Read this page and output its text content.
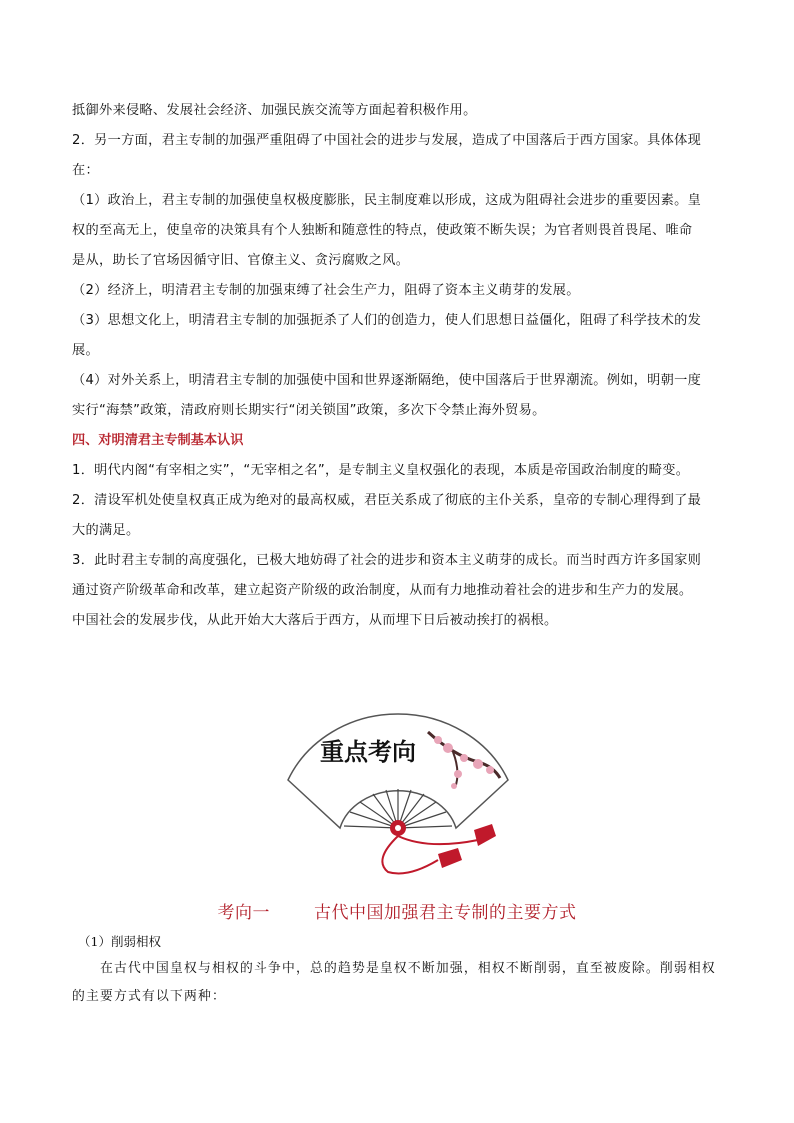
抵御外来侵略、发展社会经济、加强民族交流等方面起着积极作用。

2．另一方面，君主专制的加强严重阻碍了中国社会的进步与发展，造成了中国落后于西方国家。具体体现
在：

（1）政治上，君主专制的加强使皇权极度膨胀，民主制度难以形成，这成为阻碍社会进步的重要因素。皇
权的至高无上，使皇帝的决策具有个人独断和随意性的特点，使政策不断失误；为官者则畏首畏尾、唯命
是从，助长了官场因循守旧、官僚主义、贪污腐败之风。

（2）经济上，明清君主专制的加强束缚了社会生产力，阻碍了资本主义萌芽的发展。

（3）思想文化上，明清君主专制的加强扼杀了人们的创造力，使人们思想日益僵化，阻碍了科学技术的发
展。

（4）对外关系上，明清君主专制的加强使中国和世界逐渐隔绝，使中国落后于世界潮流。例如，明朝一度
实行“海禁”政策，清政府则长期实行“闭关锁国”政策，多次下令禁止海外贸易。

四、对明清君主专制基本认识

1．明代内阁“有宰相之实”，“无宰相之名”，是专制主义皇权强化的表现，本质是帝国政治制度的畸变。

2．清设军机处使皇权真正成为绝对的最高权威，君臣关系成了彻底的主仆关系，皇帝的专制心理得到了最
大的满足。

3．此时君主专制的高度强化，已极大地妨碍了社会的进步和资本主义萌芽的成长。而当时西方许多国家则
通过资产阶级革命和改革，建立起资产阶级的政治制度，从而有力地推动着社会的进步和生产力的发展。
中国社会的发展步伐，从此开始大大落后于西方，从而埋下日后被动挨打的祸根。

重点考向
考向一	古代中国加强君主专制的主要方式
（1）削弱相权
在古代中国皇权与相权的斗争中，总的趋势是皇权不断加强，相权不断削弱，直至被废除。削弱相权
的主要方式有以下两种：
